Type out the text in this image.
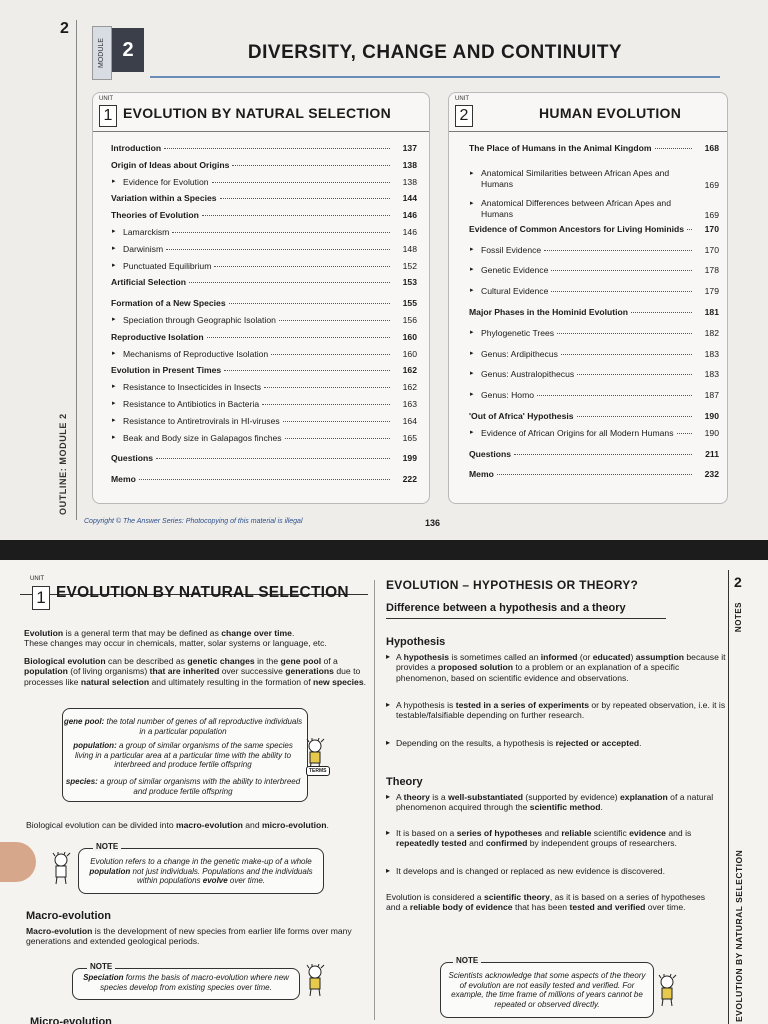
2
MODULE 2	DIVERSITY, CHANGE AND CONTINUITY
OUTLINE: MODULE 2
UNIT
1 EVOLUTION BY NATURAL SELECTION
Introduction	137
Origin of Ideas about Origins	138
▸ Evidence for Evolution	138
Variation within a Species	144
Theories of Evolution	146
▸ Lamarckism	146
▸ Darwinism	148
▸ Punctuated Equilibrium	152
Artificial Selection	153
Formation of a New Species	155
▸ Speciation through Geographic Isolation	156
Reproductive Isolation	160
▸ Mechanisms of Reproductive Isolation	160
Evolution in Present Times	162
▸ Resistance to Insecticides in Insects	162
▸ Resistance to Antibiotics in Bacteria	163
▸ Resistance to Antiretrovirals in HI-viruses	164
▸ Beak and Body size in Galapagos finches	165
Questions	199
Memo	222
UNIT
2	HUMAN EVOLUTION
The Place of Humans in the Animal Kingdom	168
▸ Anatomical Similarities between African Apes and Humans	169
▸ Anatomical Differences between African Apes and Humans	169
Evidence of Common Ancestors for Living Hominids	170
▸ Fossil Evidence	170
▸ Genetic Evidence	178
▸ Cultural Evidence	179
Major Phases in the Hominid Evolution	181
▸ Phylogenetic Trees	182
▸ Genus: Ardipithecus	183
▸ Genus: Australopithecus	183
▸ Genus: Homo	187
'Out of Africa' Hypothesis	190
▸ Evidence of African Origins for all Modern Humans	190
Questions	211
Memo	232
Copyright © The Answer Series: Photocopying of this material is illegal	136
UNIT
1 EVOLUTION BY NATURAL SELECTION
Evolution is a general term that may be defined as change over time.
These changes may occur in chemicals, matter, solar systems or language, etc.
Biological evolution can be described as genetic changes in the gene pool of a population (of living organisms) that are inherited over successive generations due to processes like natural selection and ultimately resulting in the formation of new species.
gene pool: the total number of genes of all reproductive individuals in a particular population
population: a group of similar organisms of the same species living in a particular area at a particular time with the ability to interbreed and produce fertile offspring
species: a group of similar organisms with the ability to interbreed and produce fertile offspring
TERMS
Biological evolution can be divided into macro-evolution and micro-evolution.
NOTE
Evolution refers to a change in the genetic make-up of a whole population not just individuals. Populations and the individuals within populations evolve over time.
Macro-evolution
Macro-evolution is the development of new species from earlier life forms over many generations and extended geological periods.
NOTE
Speciation forms the basis of macro-evolution where new species develop from existing species over time.
Micro-evolution
EVOLUTION – HYPOTHESIS OR THEORY?
Difference between a hypothesis and a theory
Hypothesis
▸ A hypothesis is sometimes called an informed (or educated) assumption because it provides a proposed solution to a problem or an explanation of a specific phenomenon, based on scientific evidence and observations.
▸ A hypothesis is tested in a series of experiments or by repeated observation, i.e. it is testable/falsifiable depending on further research.
▸ Depending on the results, a hypothesis is rejected or accepted.
Theory
▸ A theory is a well-substantiated (supported by evidence) explanation of a natural phenomenon acquired through the scientific method.
▸ It is based on a series of hypotheses and reliable scientific evidence and is repeatedly tested and confirmed by independent groups of researchers.
▸ It develops and is changed or replaced as new evidence is discovered.
Evolution is considered a scientific theory, as it is based on a series of hypotheses and a reliable body of evidence that has been tested and verified over time.
NOTE
Scientists acknowledge that some aspects of the theory of evolution are not easily tested and verified. For example, the time frame of millions of years cannot be repeated or observed directly.
2
NOTES
EVOLUTION BY NATURAL SELECTION
